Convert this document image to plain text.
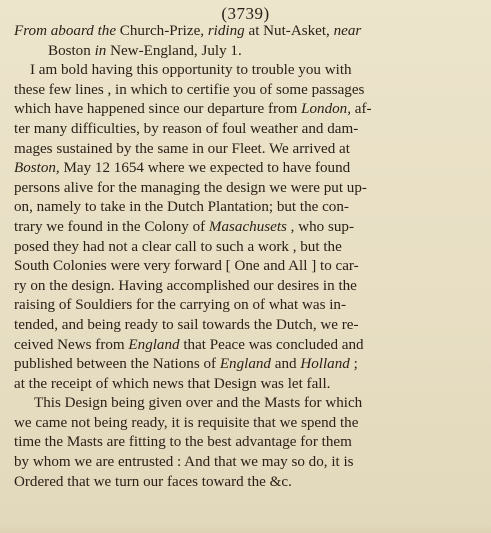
(3739)
From aboard the Church-Prize, riding at Nut-Asket, near
Boston in New-England, July 1.
I am bold having this opportunity to trouble you with
these few lines , in which to certifie you of some passages
which have happened since our departure from London, af-
ter many difficulties, by reason of foul weather and dam-
mages sustained by the same in our Fleet. We arrived at
Boston, May 12 1654 where we expected to have found
persons alive for the managing the design we were put up-
on, namely to take in the Dutch Plantation; but the con-
trary we found in the Colony of Masachusets , who sup-
posed they had not a clear call to such a work , but the
South Colonies were very forward [ One and All ] to car-
ry on the design. Having accomplished our desires in the
raising of Souldiers for the carrying on of what was in-
tended, and being ready to sail towards the Dutch, we re-
ceived News from England that Peace was concluded and
published between the Nations of England and Holland ;
at the receipt of which news that Design was let fall.
This Design being given over and the Masts for which
we came not being ready, it is requisite that we spend the
time the Masts are fitting to the best advantage for them
by whom we are entrusted : And that we may so do, it is
Ordered that we turn our faces toward the &c.
